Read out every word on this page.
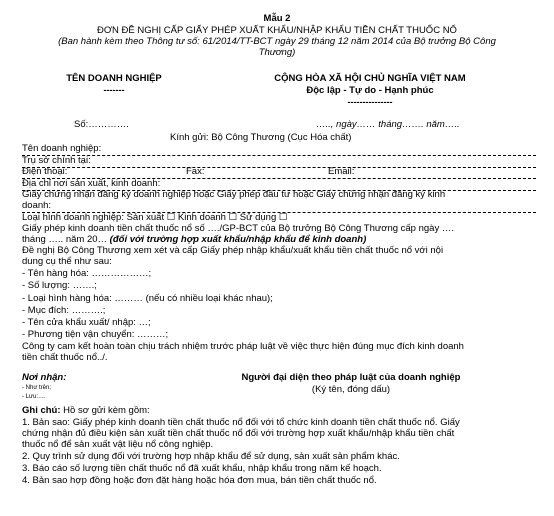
Mẫu 2
ĐƠN ĐỀ NGHỊ CẤP GIẤY PHÉP XUẤT KHẨU/NHẬP KHẨU TIỀN CHẤT THUỐC NỔ
(Ban hành kèm theo Thông tư số: 61/2014/TT-BCT ngày 29 tháng 12 năm 2014 của Bộ trưởng Bộ Công
Thương)
TÊN DOANH NGHIỆP
-------
CỘNG HÒA XÃ HỘI CHỦ NGHĨA VIỆT NAM
Độc lập - Tự do - Hạnh phúc
---------------
Số:………….	….., ngày…… tháng……. năm…..
Kính gửi: Bộ Công Thương (Cục Hóa chất)
Tên doanh nghiệp:
Trụ sở chính tại:
Điện thoại:	Fax:	Email:
Địa chỉ nơi sản xuất, kinh doanh:
Giấy chứng nhận đăng ký doanh nghiệp hoặc Giấy phép đầu tư hoặc Giấy chứng nhận đăng ký kinh
doanh:
Loại hình doanh nghiệp: Sản xuất ☐ Kinh doanh ☐ Sử dụng ☐
Giấy phép kinh doanh tiền chất thuốc nổ số …./GP-BCT của Bộ trưởng Bộ Công Thương cấp ngày ….
tháng ….. năm 20… (đối với trường hợp xuất khẩu/nhập khẩu để kinh doanh)
Đề nghị Bộ Công Thương xem xét và cấp Giấy phép nhập khẩu/xuất khẩu tiền chất thuốc nổ với nội
dung cụ thể như sau:
- Tên hàng hóa: ………………;
- Số lượng: …….;
- Loại hình hàng hóa: ……… (nếu có nhiều loại khác nhau);
- Mục đích: ……….;
- Tên cửa khẩu xuất/ nhập: …;
- Phương tiện vận chuyển: ………;
Công ty cam kết hoàn toàn chịu trách nhiệm trước pháp luật về việc thực hiện đúng mục đích kinh doanh
tiền chất thuốc nổ../.
Nơi nhận:
- Như trên;
- Lưu:….
Người đại diện theo pháp luật của doanh nghiệp
(Ký tên, đóng dấu)
Ghi chú: Hồ sơ gửi kèm gồm:
1. Bản sao: Giấy phép kinh doanh tiền chất thuốc nổ đối với tổ chức kinh doanh tiền chất thuốc nổ. Giấy
chứng nhận đủ điều kiện sản xuất tiền chất thuốc nổ đối với trường hợp xuất khẩu/nhập khẩu tiền chất
thuốc nổ để sản xuất vật liệu nổ công nghiệp.
2. Quy trình sử dụng đối với trường hợp nhập khẩu để sử dụng, sản xuất sản phẩm khác.
3. Báo cáo số lượng tiền chất thuốc nổ đã xuất khẩu, nhập khẩu trong năm kế hoạch.
4. Bản sao hợp đồng hoặc đơn đặt hàng hoặc hóa đơn mua, bán tiền chất thuốc nổ.
